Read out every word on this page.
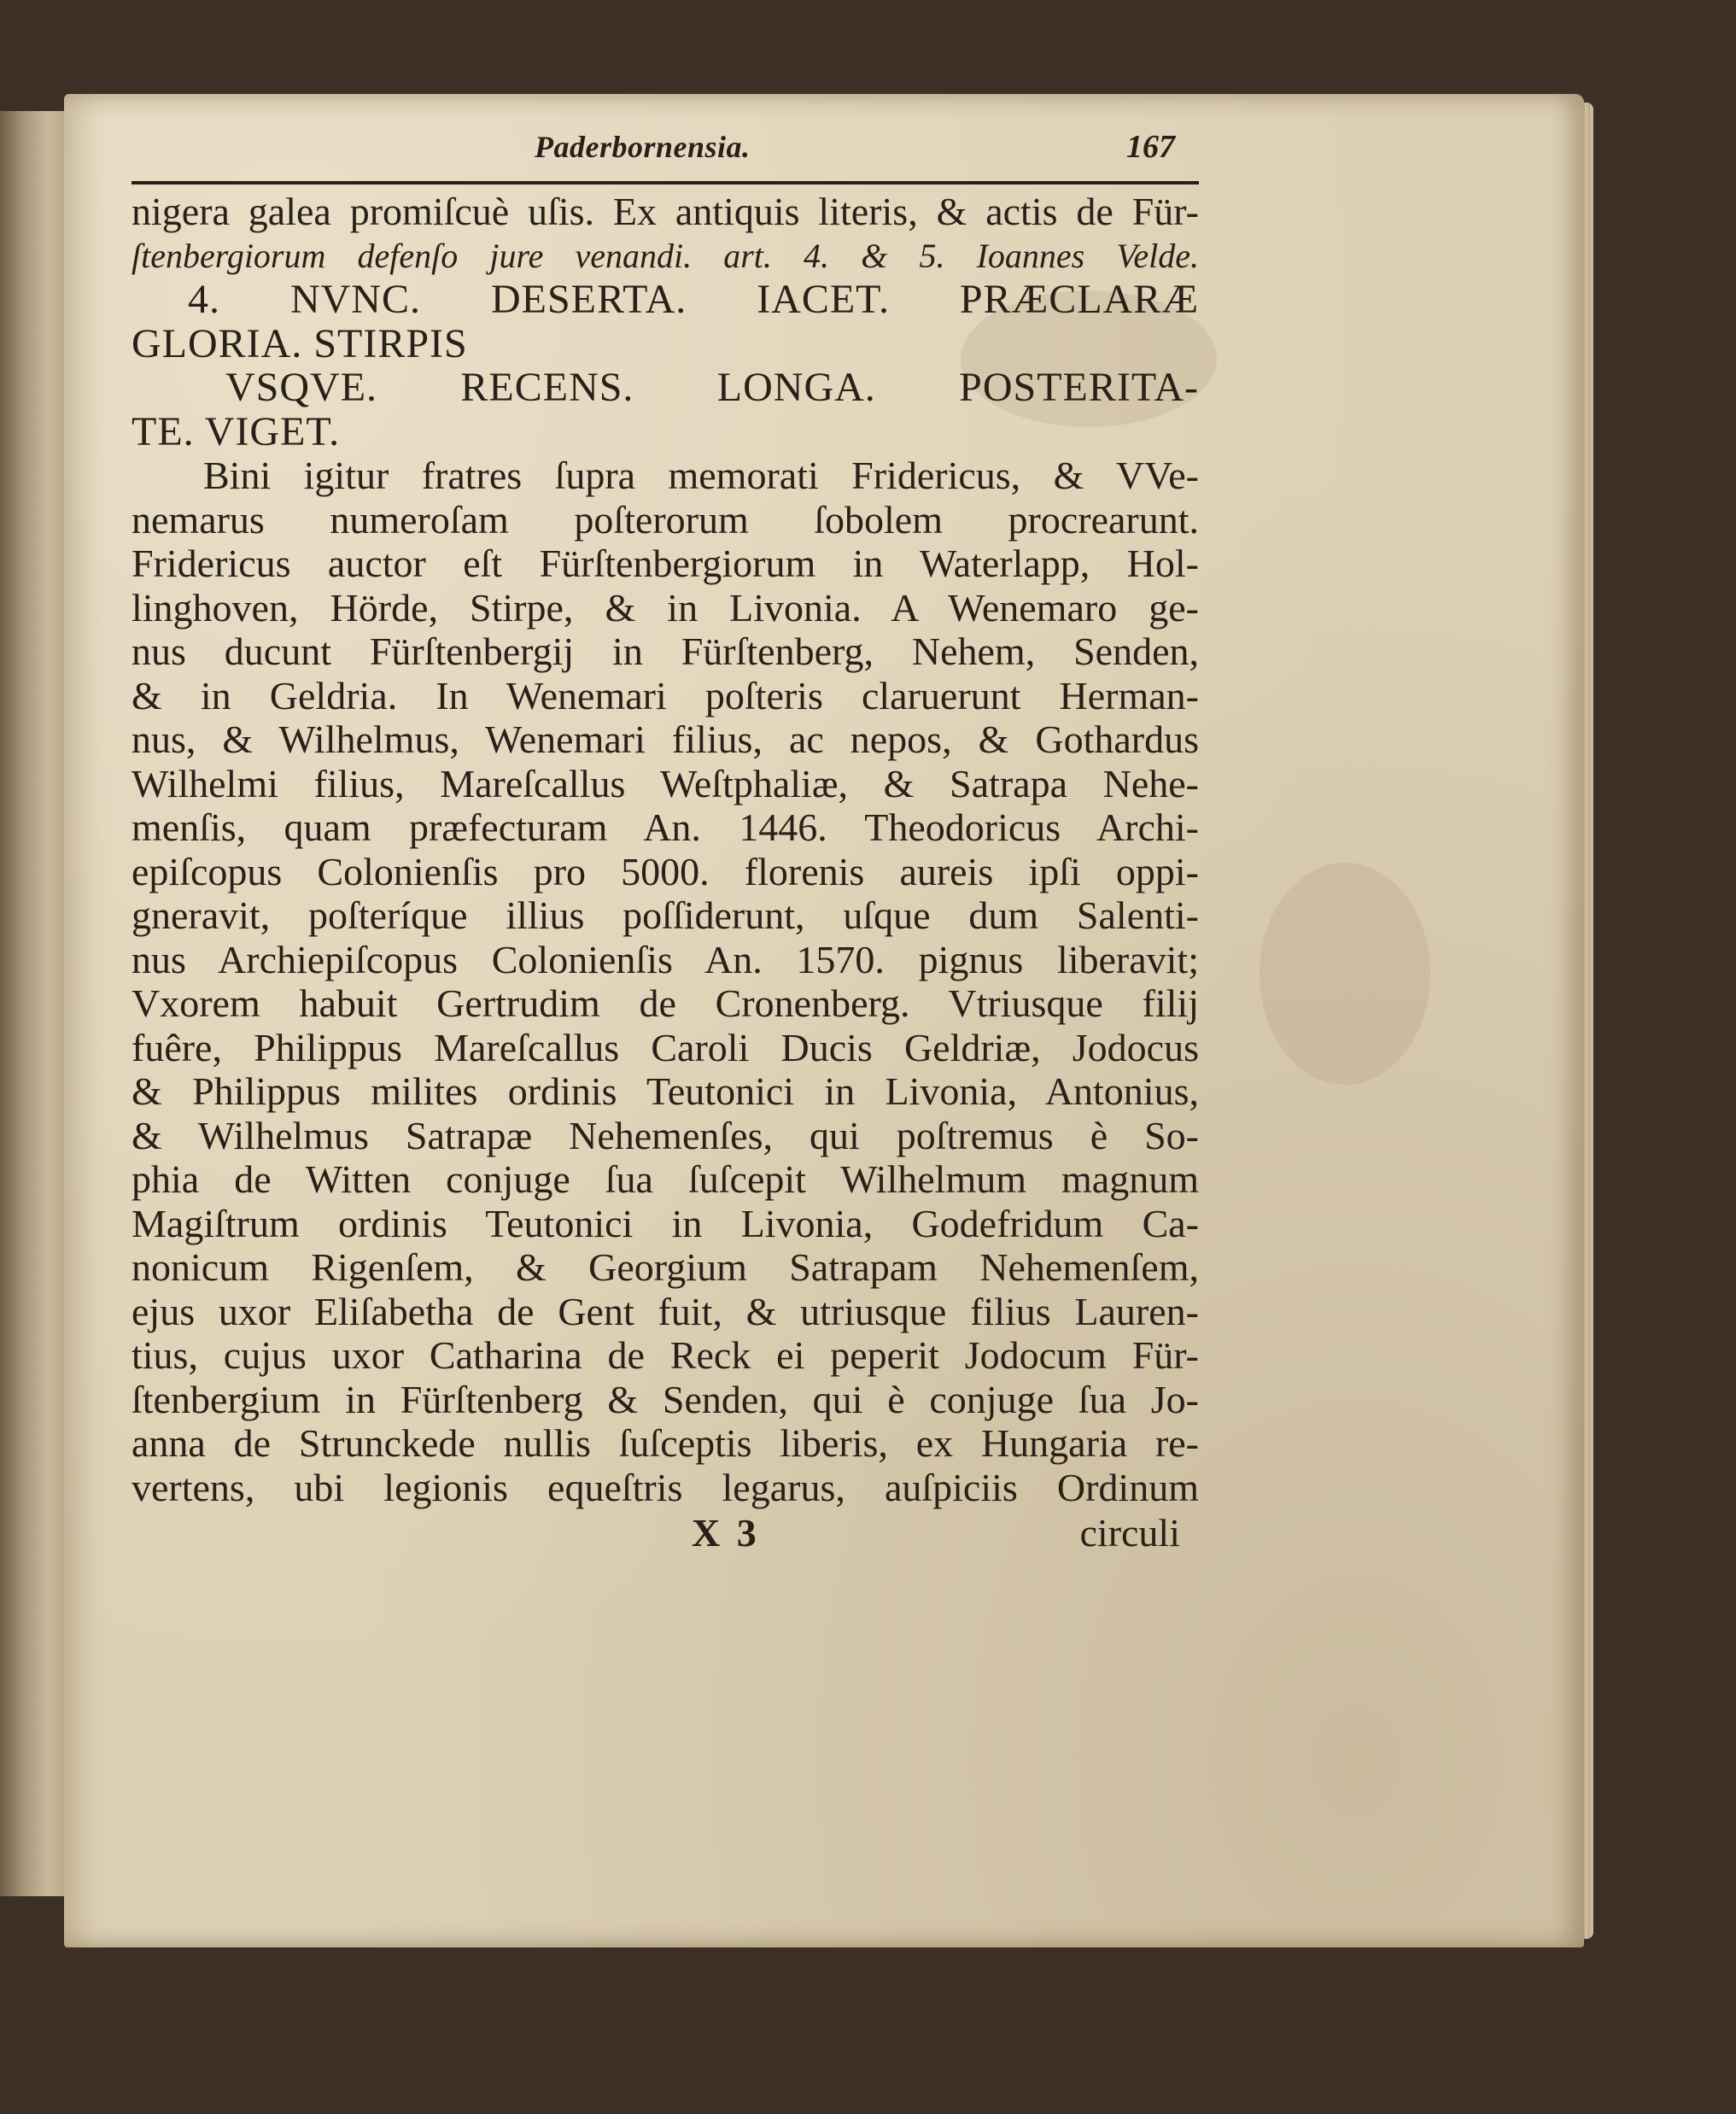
Paderbornensia.	167
nigera galea promiſcuè uſis. Ex antiquis literis, & actis de Für-
ſtenbergiorum defenſo jure venandi. art. 4. & 5. Ioannes Velde.
4. NVNC. DESERTA. IACET. PRÆCLARÆ
GLORIA. STIRPIS
VSQVE. RECENS. LONGA. POSTERITA-
TE. VIGET.
Bini igitur fratres ſupra memorati Fridericus, & VVe-
nemarus numeroſam poſterorum ſobolem procrearunt.
Fridericus auctor eſt Fürſtenbergiorum in Waterlapp, Hol-
linghoven, Hörde, Stirpe, & in Livonia. A Wenemaro ge-
nus ducunt Fürſtenbergij in Fürſtenberg, Nehem, Senden,
& in Geldria. In Wenemari poſteris claruerunt Herman-
nus, & Wilhelmus, Wenemari filius, ac nepos, & Gothardus
Wilhelmi filius, Mareſcallus Weſtphaliæ, & Satrapa Nehe-
menſis, quam præfecturam An. 1446. Theodoricus Archi-
epiſcopus Colonienſis pro 5000. florenis aureis ipſi oppi-
gneravit, poſteríque illius poſſiderunt, uſque dum Salenti-
nus Archiepiſcopus Colonienſis An. 1570. pignus liberavit;
Vxorem habuit Gertrudim de Cronenberg. Vtriusque filij
fuêre, Philippus Mareſcallus Caroli Ducis Geldriæ, Jodocus
& Philippus milites ordinis Teutonici in Livonia, Antonius,
& Wilhelmus Satrapæ Nehemenſes, qui poſtremus è So-
phia de Witten conjuge ſua ſuſcepit Wilhelmum magnum
Magiſtrum ordinis Teutonici in Livonia, Godefridum Ca-
nonicum Rigenſem, & Georgium Satrapam Nehemenſem,
ejus uxor Eliſabetha de Gent fuit, & utriusque filius Lauren-
tius, cujus uxor Catharina de Reck ei peperit Jodocum Für-
ſtenbergium in Fürſtenberg & Senden, qui è conjuge ſua Jo-
anna de Strunckede nullis ſuſceptis liberis, ex Hungaria re-
vertens, ubi legionis equeſtris legarus, auſpiciis Ordinum
X 3	circuli
